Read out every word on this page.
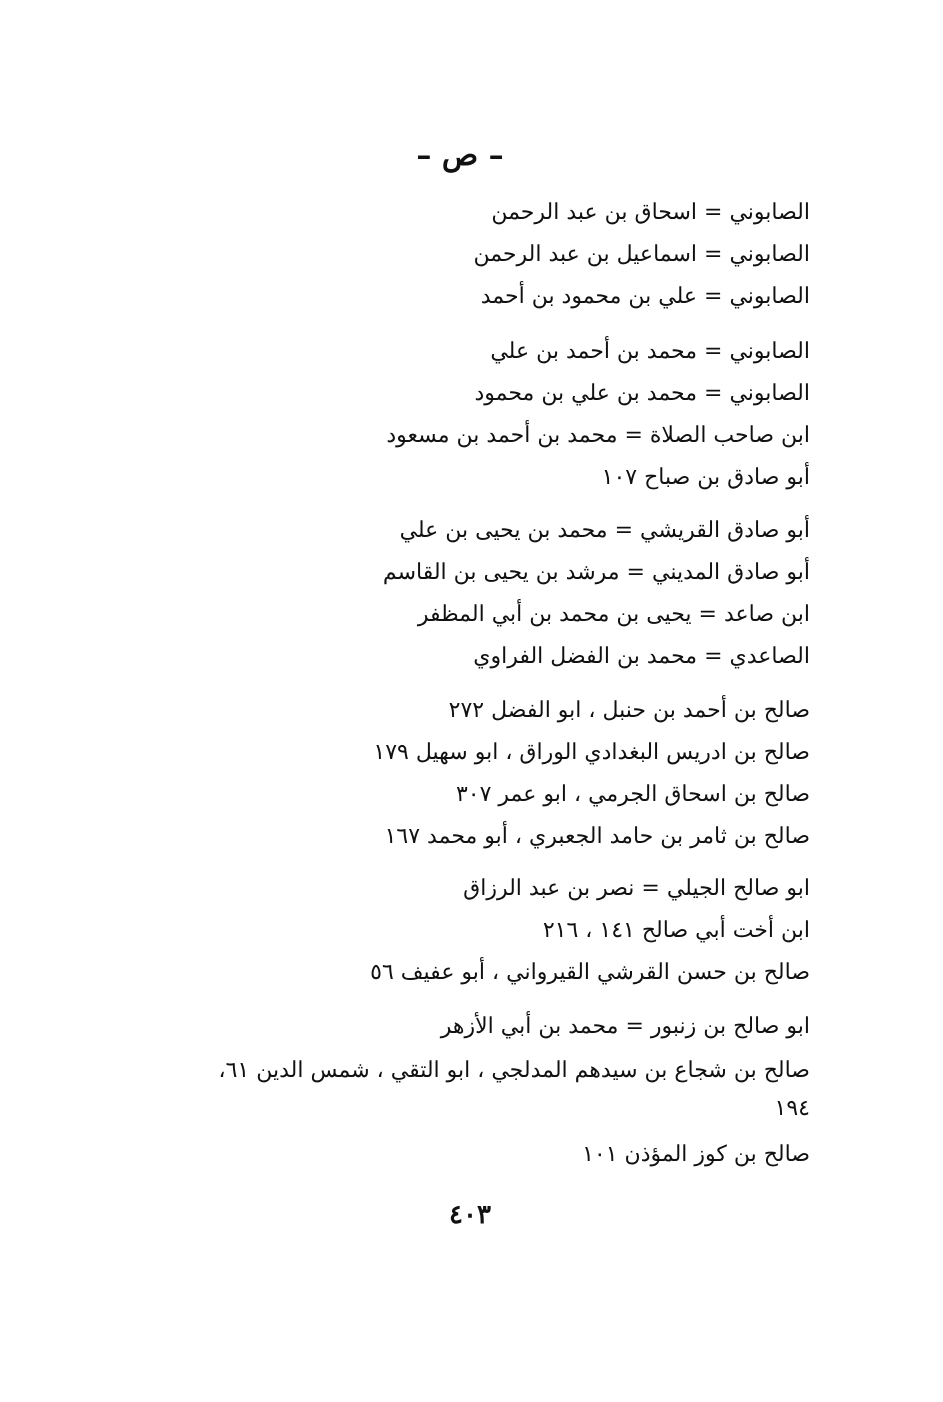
– ص –
الصابوني = اسحاق بن عبد الرحمن
الصابوني = اسماعيل بن عبد الرحمن
الصابوني = علي بن محمود بن أحمد
الصابوني = محمد بن أحمد بن علي
الصابوني = محمد بن علي بن محمود
ابن صاحب الصلاة = محمد بن أحمد بن مسعود
أبو صادق بن صباح ١٠٧
أبو صادق القريشي = محمد بن يحيى بن علي
أبو صادق المديني = مرشد بن يحيى بن القاسم
ابن صاعد = يحيى بن محمد بن أبي المظفر
الصاعدي = محمد بن الفضل الفراوي
صالح بن أحمد بن حنبل ، ابو الفضل ٢٧٢
صالح بن ادريس البغدادي الوراق ، ابو سهيل ١٧٩
صالح بن اسحاق الجرمي ، ابو عمر ٣٠٧
صالح بن ثامر بن حامد الجعبري ، أبو محمد ١٦٧
ابو صالح الجيلي = نصر بن عبد الرزاق
ابن أخت أبي صالح ١٤١ ، ٢١٦
صالح بن حسن القرشي القيرواني ، أبو عفيف ٥٦
ابو صالح بن زنبور = محمد بن أبي الأزهر
صالح بن شجاع بن سيدهم المدلجي ، ابو التقي ، شمس الدين ٦١،
١٩٤
صالح بن كوز المؤذن ١٠١
٤٠٣
